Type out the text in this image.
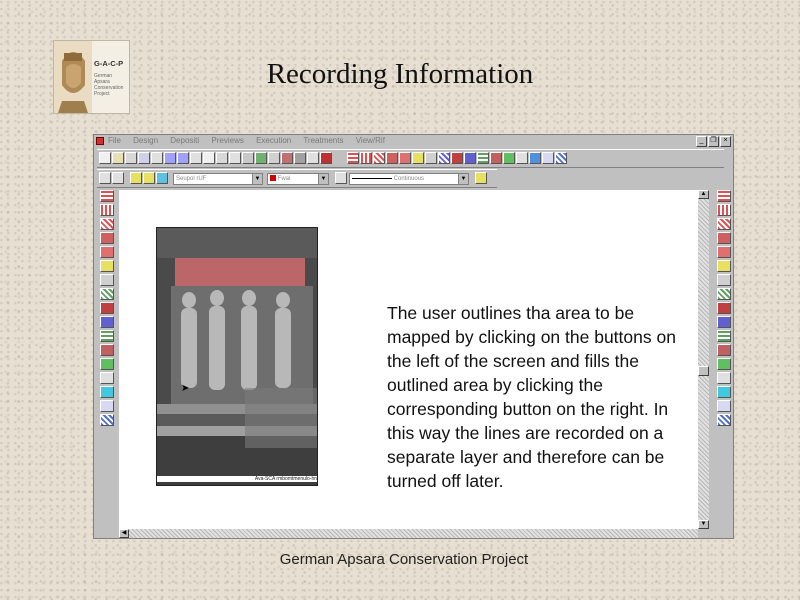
G-A-C-P
German
Apsara
Conservation
Project
Recording Information
File Design Depositi Previews Execution Treatments View/Rif	_ ❐ ×
Seupol rUF	▼	Fwal	▼	Continuous	▼
Ava-SCA rmbomtmenulo-hn
➤
The user outlines tha area to be mapped by clicking on the buttons on the left of the screen and fills the outlined area by clicking the corresponding button on the right. In this way the lines are recorded on a separate layer and therefore can be turned off later.
▲
▼
◀
German Apsara Conservation Project
